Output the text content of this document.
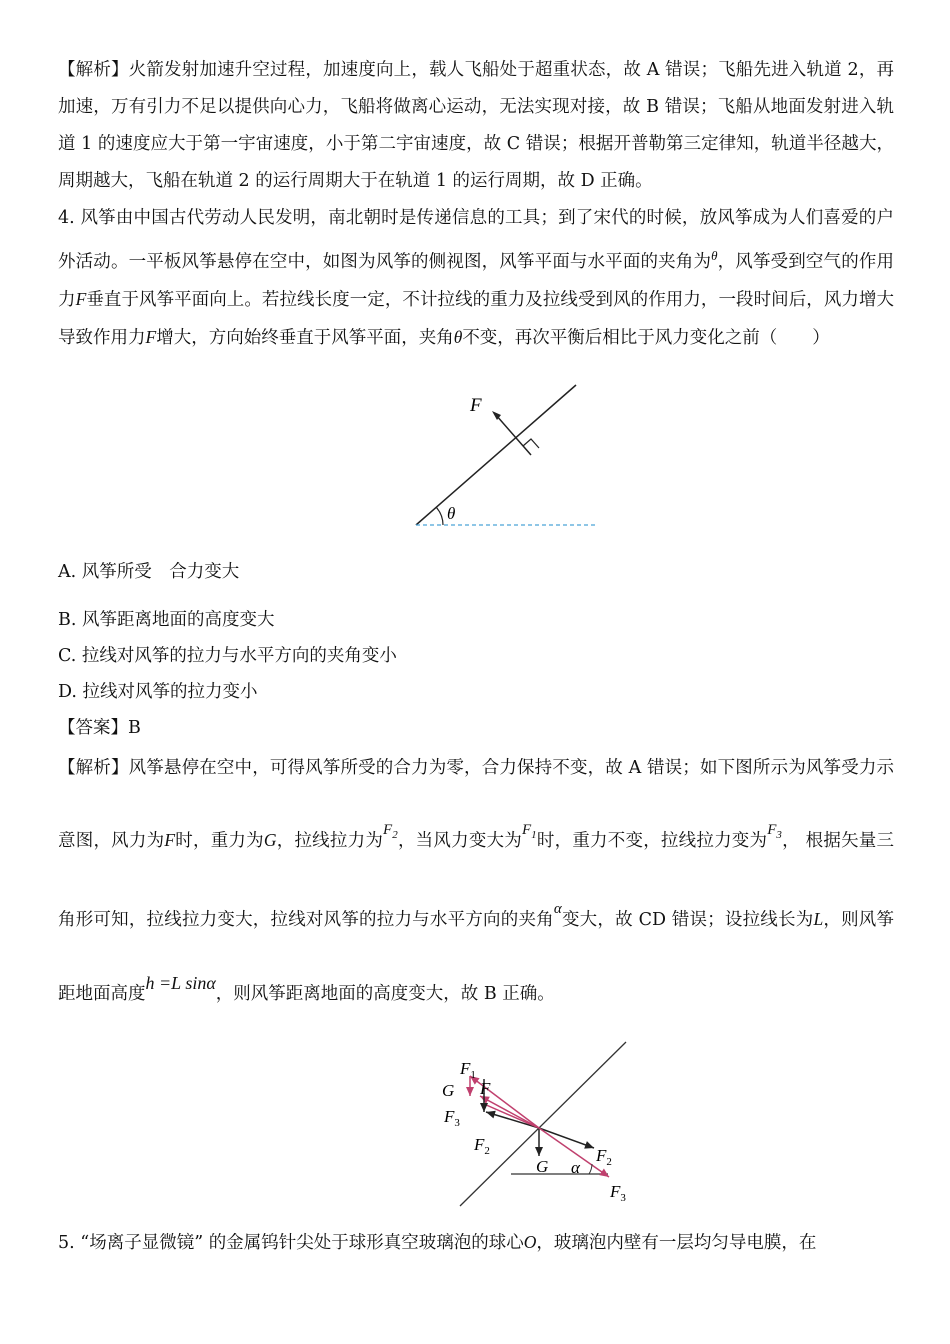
【解析】火箭发射加速升空过程，加速度向上，载人飞船处于超重状态，故 A 错误；飞船先进入轨道 2，再加速，万有引力不足以提供向心力，飞船将做离心运动，无法实现对接，故 B 错误；飞船从地面发射进入轨道 1 的速度应大于第一宇宙速度，小于第二宇宙速度，故 C 错误；根据开普勒第三定律知，轨道半径越大，周期越大，飞船在轨道 2 的运行周期大于在轨道 1 的运行周期，故 D 正确。

4. 风筝由中国古代劳动人民发明，南北朝时是传递信息的工具；到了宋代的时候，放风筝成为人们喜爱的户外活动。一平板风筝悬停在空中，如图为风筝的侧视图，风筝平面与水平面的夹角为$^\theta$，风筝受到空气的作用力F垂直于风筝平面向上。若拉线长度一定，不计拉线的重力及拉线受到风的作用力，一段时间后，风力增大导致作用力F增大，方向始终垂直于风筝平面，夹角θ不变，再次平衡后相比于风力变化之前（　　）

θ
F

A. 风筝所受　合力变大

B. 风筝距离地面的高度变大

C. 拉线对风筝的拉力与水平方向的夹角变小

D. 拉线对风筝的拉力变小

【答案】B

【解析】风筝悬停在空中，可得风筝所受的合力为零，合力保持不变，故 A 错误；如下图所示为风筝受力示意图，风力为F时，重力为G，拉线拉力为$F_2$，当风力变大为$F_1$时，重力不变，拉线拉力变为$F_3$， 根据矢量三角形可知，拉线拉力变大，拉线对风筝的拉力与水平方向的夹角α变大，故 CD 错误；设拉线长为L，则风筝距地面高度h =L sinα，则风筝距离地面的高度变大，故 B 正确。

$F_1$
G F
$F_3$
$F_2$	$F_2$
G α
$F_3$

5. “场离子显微镜” 的金属钨针尖处于球形真空玻璃泡的球心O，玻璃泡内壁有一层均匀导电膜，在
